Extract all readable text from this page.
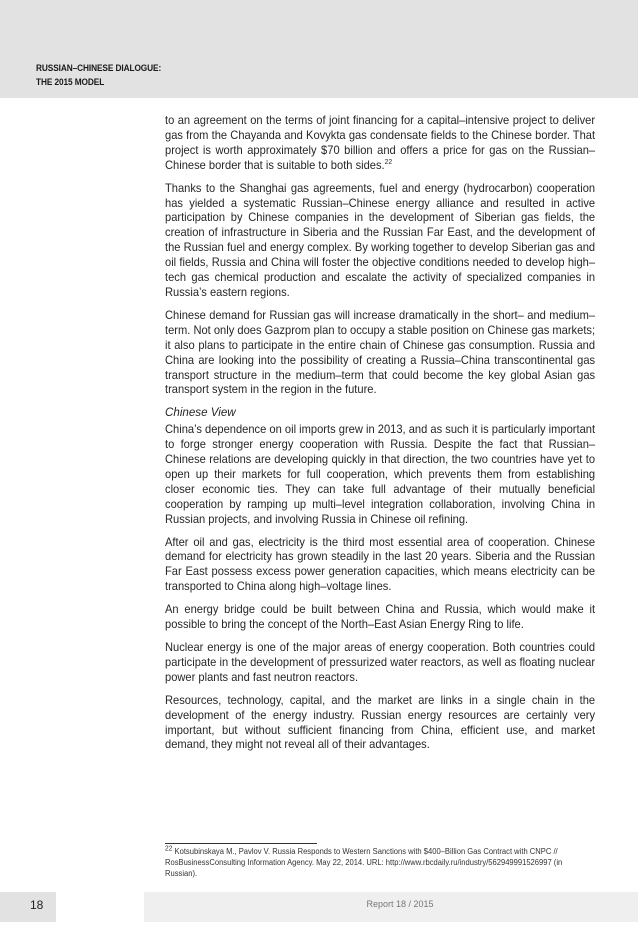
RUSSIAN–CHINESE DIALOGUE:
THE 2015 MODEL

to an agreement on the terms of joint financing for a capital–intensive project to deliver gas from the Chayanda and Kovykta gas condensate fields to the Chinese border. That project is worth approximately $70 billion and offers a price for gas on the Russian–Chinese border that is suitable to both sides.$^{22}$

Thanks to the Shanghai gas agreements, fuel and energy (hydrocarbon) cooperation has yielded a systematic Russian–Chinese energy alliance and resulted in active participation by Chinese companies in the development of Siberian gas fields, the creation of infrastructure in Siberia and the Russian Far East, and the development of the Russian fuel and energy complex. By working together to develop Siberian gas and oil fields, Russia and China will foster the objective conditions needed to develop high–tech gas chemical production and escalate the activity of specialized companies in Russia’s eastern regions.

Chinese demand for Russian gas will increase dramatically in the short– and medium–term. Not only does Gazprom plan to occupy a stable position on Chinese gas markets; it also plans to participate in the entire chain of Chinese gas consumption. Russia and China are looking into the possibility of creating a Russia–China transcontinental gas transport structure in the medium–term that could become the key global Asian gas transport system in the region in the future.

Chinese View

China’s dependence on oil imports grew in 2013, and as such it is particularly important to forge stronger energy cooperation with Russia. Despite the fact that Russian–Chinese relations are developing quickly in that direction, the two countries have yet to open up their markets for full cooperation, which prevents them from establishing closer economic ties. They can take full advantage of their mutually beneficial cooperation by ramping up multi–level integration collaboration, involving China in Russian projects, and involving Russia in Chinese oil refining.

After oil and gas, electricity is the third most essential area of cooperation. Chinese demand for electricity has grown steadily in the last 20 years. Siberia and the Russian Far East possess excess power generation capacities, which means electricity can be transported to China along high–voltage lines.

An energy bridge could be built between China and Russia, which would make it possible to bring the concept of the North–East Asian Energy Ring to life.

Nuclear energy is one of the major areas of energy cooperation. Both countries could participate in the development of pressurized water reactors, as well as floating nuclear power plants and fast neutron reactors.

Resources, technology, capital, and the market are links in a single chain in the development of the energy industry. Russian energy resources are certainly very important, but without sufficient financing from China, efficient use, and market demand, they might not reveal all of their advantages.

$^{22}$ Kotsubinskaya M., Pavlov V. Russia Responds to Western Sanctions with $400–Billion Gas Contract with CNPC // RosBusinessConsulting Information Agency. May 22, 2014. URL: http://www.rbcdaily.ru/industry/562949991526997 (in Russian).
18	Report 18 / 2015
